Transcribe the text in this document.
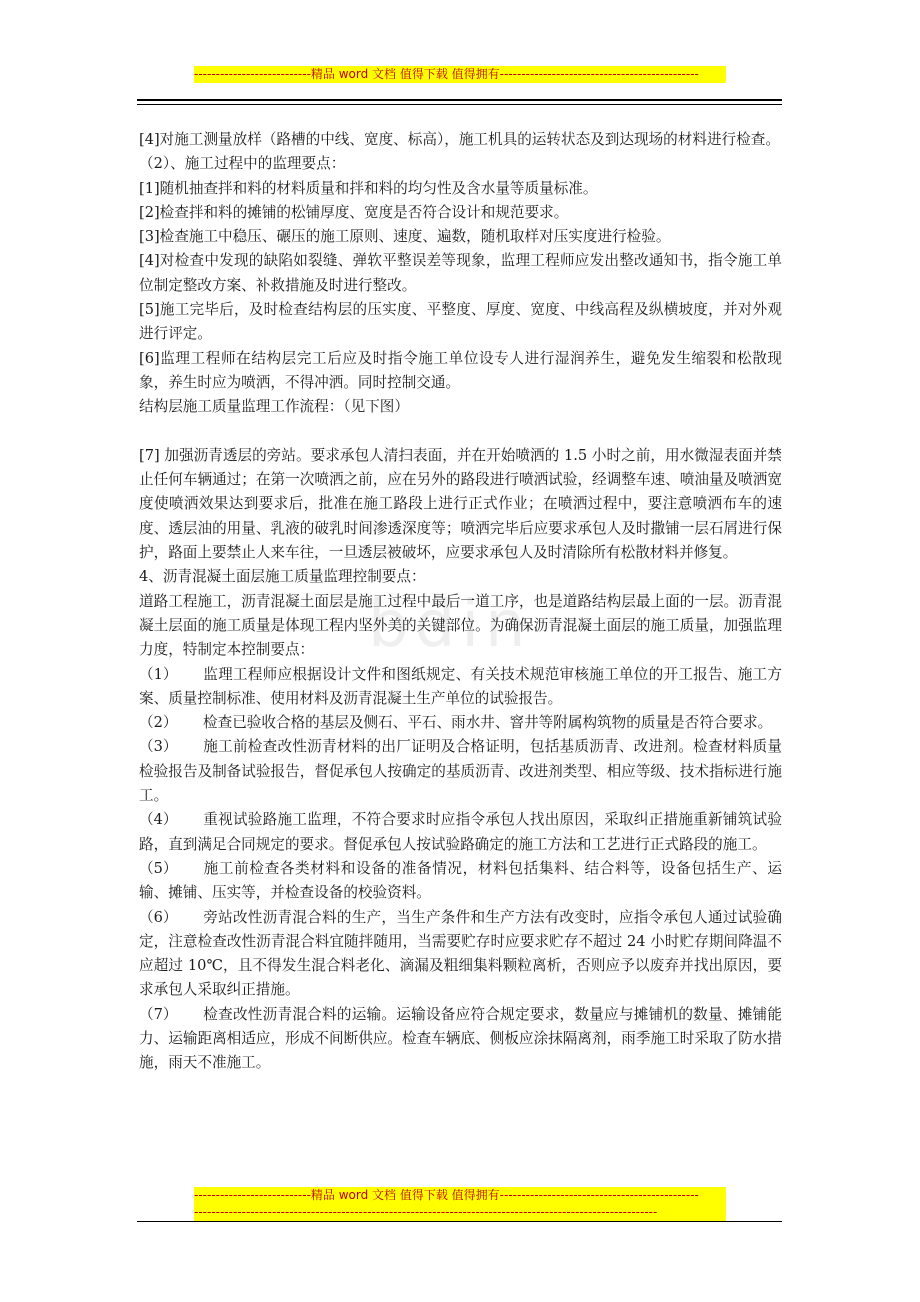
---------------------------精品 word 文档 值得下载 值得拥有----------------------------------------------
bdin

[4]对施工测量放样（路槽的中线、宽度、标高），施工机具的运转状态及到达现场的材料进行检查。

（2）、施工过程中的监理要点：

[1]随机抽查拌和料的材料质量和拌和料的均匀性及含水量等质量标准。

[2]检查拌和料的摊铺的松铺厚度、宽度是否符合设计和规范要求。

[3]检查施工中稳压、碾压的施工原则、速度、遍数，随机取样对压实度进行检验。

[4]对检查中发现的缺陷如裂缝、弹软平整误差等现象，监理工程师应发出整改通知书，指令施工单位制定整改方案、补救措施及时进行整改。

[5]施工完毕后，及时检查结构层的压实度、平整度、厚度、宽度、中线高程及纵横坡度，并对外观进行评定。

[6]监理工程师在结构层完工后应及时指令施工单位设专人进行湿润养生，避免发生缩裂和松散现象，养生时应为喷洒，不得冲洒。同时控制交通。

结构层施工质量监理工作流程：（见下图）

[7] 加强沥青透层的旁站。要求承包人清扫表面，并在开始喷洒的 1.5 小时之前，用水微湿表面并禁止任何车辆通过；在第一次喷洒之前，应在另外的路段进行喷洒试验，经调整车速、喷油量及喷洒宽度使喷洒效果达到要求后，批准在施工路段上进行正式作业；在喷洒过程中，要注意喷洒布车的速度、透层油的用量、乳液的破乳时间渗透深度等；喷洒完毕后应要求承包人及时撒铺一层石屑进行保护，路面上要禁止人来车往，一旦透层被破坏，应要求承包人及时清除所有松散材料并修复。

4、沥青混凝土面层施工质量监理控制要点：

道路工程施工，沥青混凝土面层是施工过程中最后一道工序，也是道路结构层最上面的一层。沥青混凝土层面的施工质量是体现工程内坚外美的关键部位。为确保沥青混凝土面层的施工质量，加强监理力度，特制定本控制要点：

（1） 监理工程师应根据设计文件和图纸规定、有关技术规范审核施工单位的开工报告、施工方案、质量控制标准、使用材料及沥青混凝土生产单位的试验报告。

（2） 检查已验收合格的基层及侧石、平石、雨水井、窨井等附属构筑物的质量是否符合要求。

（3） 施工前检查改性沥青材料的出厂证明及合格证明，包括基质沥青、改进剂。检查材料质量检验报告及制备试验报告，督促承包人按确定的基质沥青、改进剂类型、相应等级、技术指标进行施工。

（4） 重视试验路施工监理，不符合要求时应指令承包人找出原因，采取纠正措施重新铺筑试验路，直到满足合同规定的要求。督促承包人按试验路确定的施工方法和工艺进行正式路段的施工。

（5） 施工前检查各类材料和设备的准备情况，材料包括集料、结合料等，设备包括生产、运输、摊铺、压实等，并检查设备的校验资料。

（6） 旁站改性沥青混合料的生产，当生产条件和生产方法有改变时，应指令承包人通过试验确定，注意检查改性沥青混合料宜随拌随用，当需要贮存时应要求贮存不超过 24 小时贮存期间降温不应超过 10℃，且不得发生混合料老化、滴漏及粗细集料颗粒离析，否则应予以废弃并找出原因，要求承包人采取纠正措施。

（7） 检查改性沥青混合料的运输。运输设备应符合规定要求，数量应与摊铺机的数量、摊铺能力、运输距离相适应，形成不间断供应。检查车辆底、侧板应涂抹隔离剂，雨季施工时采取了防水措施，雨天不准施工。

---------------------------精品 word 文档 值得下载 值得拥有----------------------------------------------
-----------------------------------------------------------------------------------------------------------
